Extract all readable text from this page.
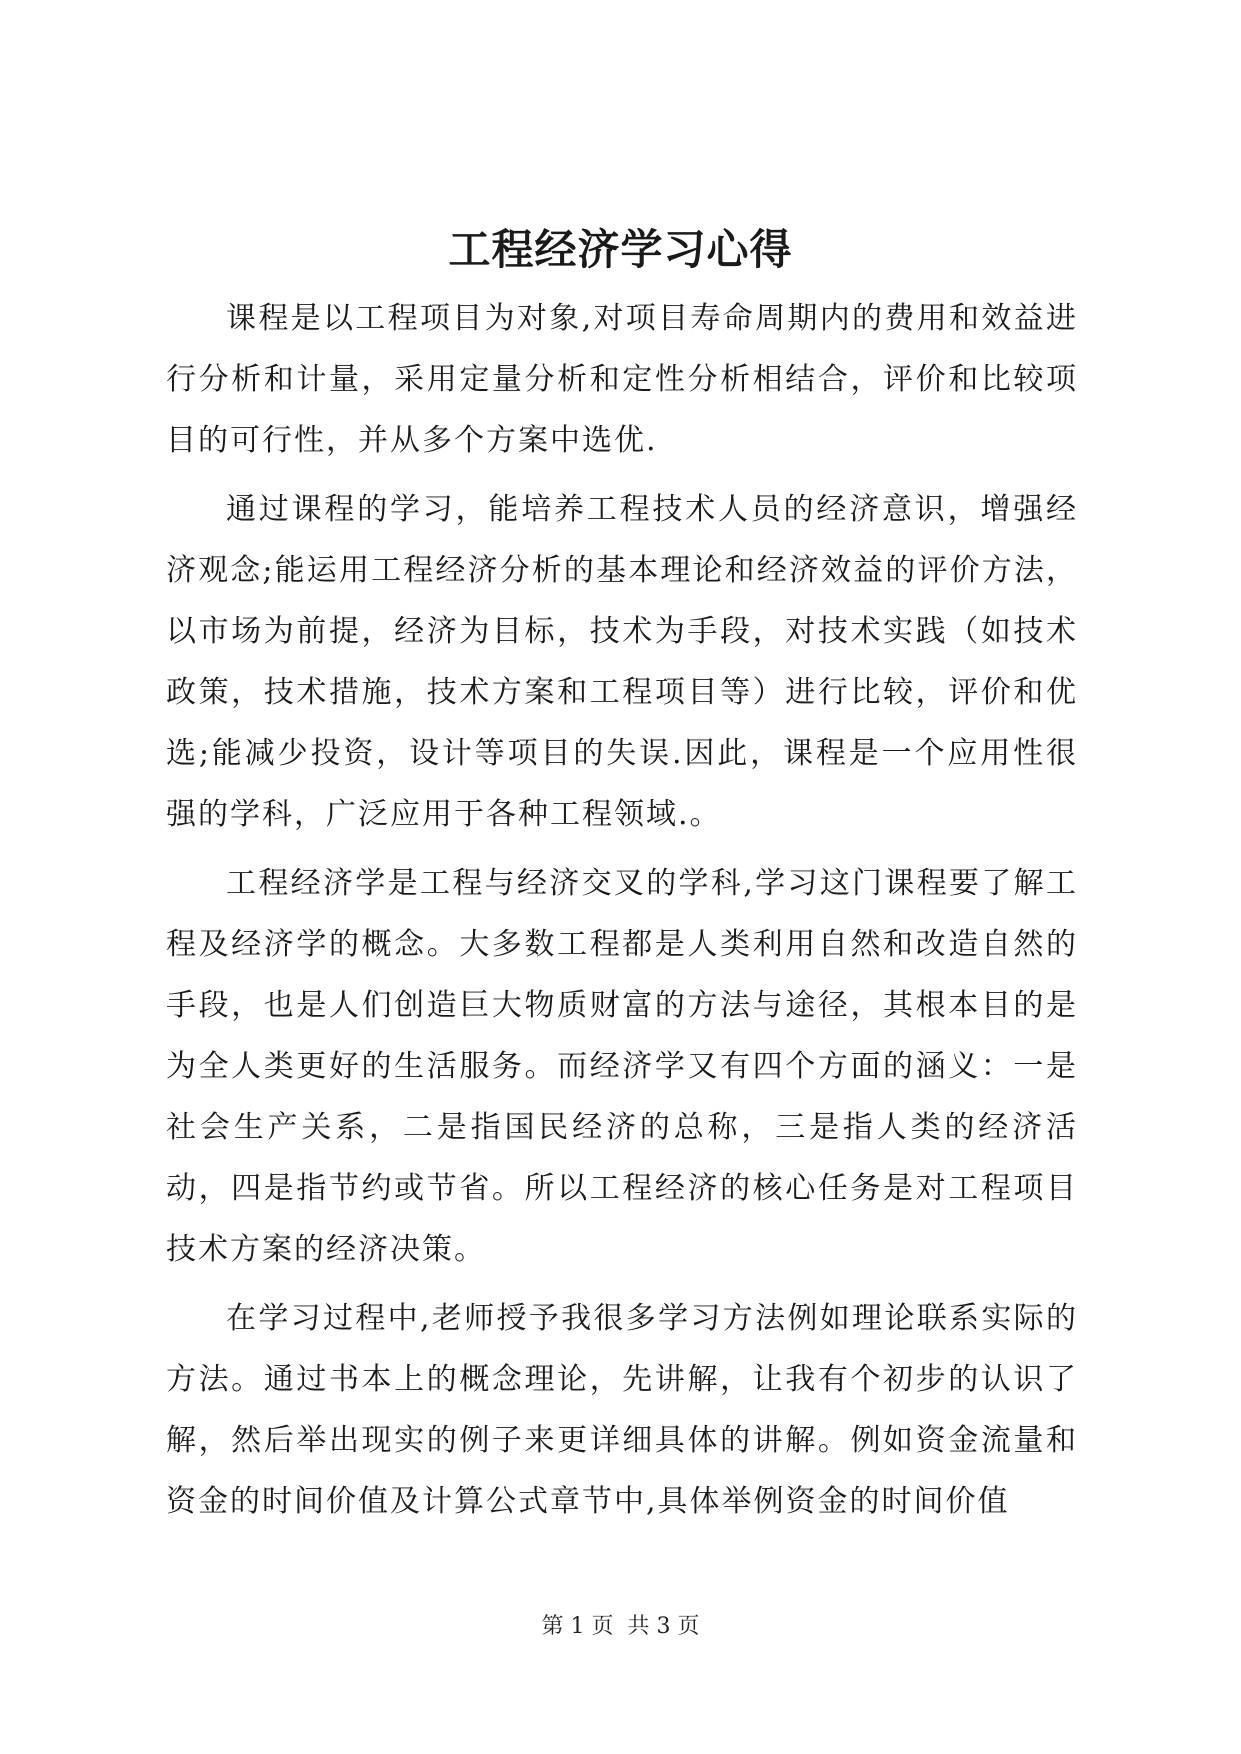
工程经济学习心得

课程是以工程项目为对象,对项目寿命周期内的费用和效益进行分析和计量，采用定量分析和定性分析相结合，评价和比较项目的可行性，并从多个方案中选优.

通过课程的学习，能培养工程技术人员的经济意识，增强经济观念;能运用工程经济分析的基本理论和经济效益的评价方法，以市场为前提，经济为目标，技术为手段，对技术实践（如技术政策，技术措施，技术方案和工程项目等）进行比较，评价和优选;能减少投资，设计等项目的失误.因此，课程是一个应用性很强的学科，广泛应用于各种工程领域.。

工程经济学是工程与经济交叉的学科,学习这门课程要了解工程及经济学的概念。大多数工程都是人类利用自然和改造自然的手段，也是人们创造巨大物质财富的方法与途径，其根本目的是为全人类更好的生活服务。而经济学又有四个方面的涵义：一是社会生产关系，二是指国民经济的总称，三是指人类的经济活动，四是指节约或节省。所以工程经济的核心任务是对工程项目技术方案的经济决策。

在学习过程中,老师授予我很多学习方法例如理论联系实际的方法。通过书本上的概念理论，先讲解，让我有个初步的认识了解，然后举出现实的例子来更详细具体的讲解。例如资金流量和资金的时间价值及计算公式章节中,具体举例资金的时间价值

第 1 页  共 3 页
